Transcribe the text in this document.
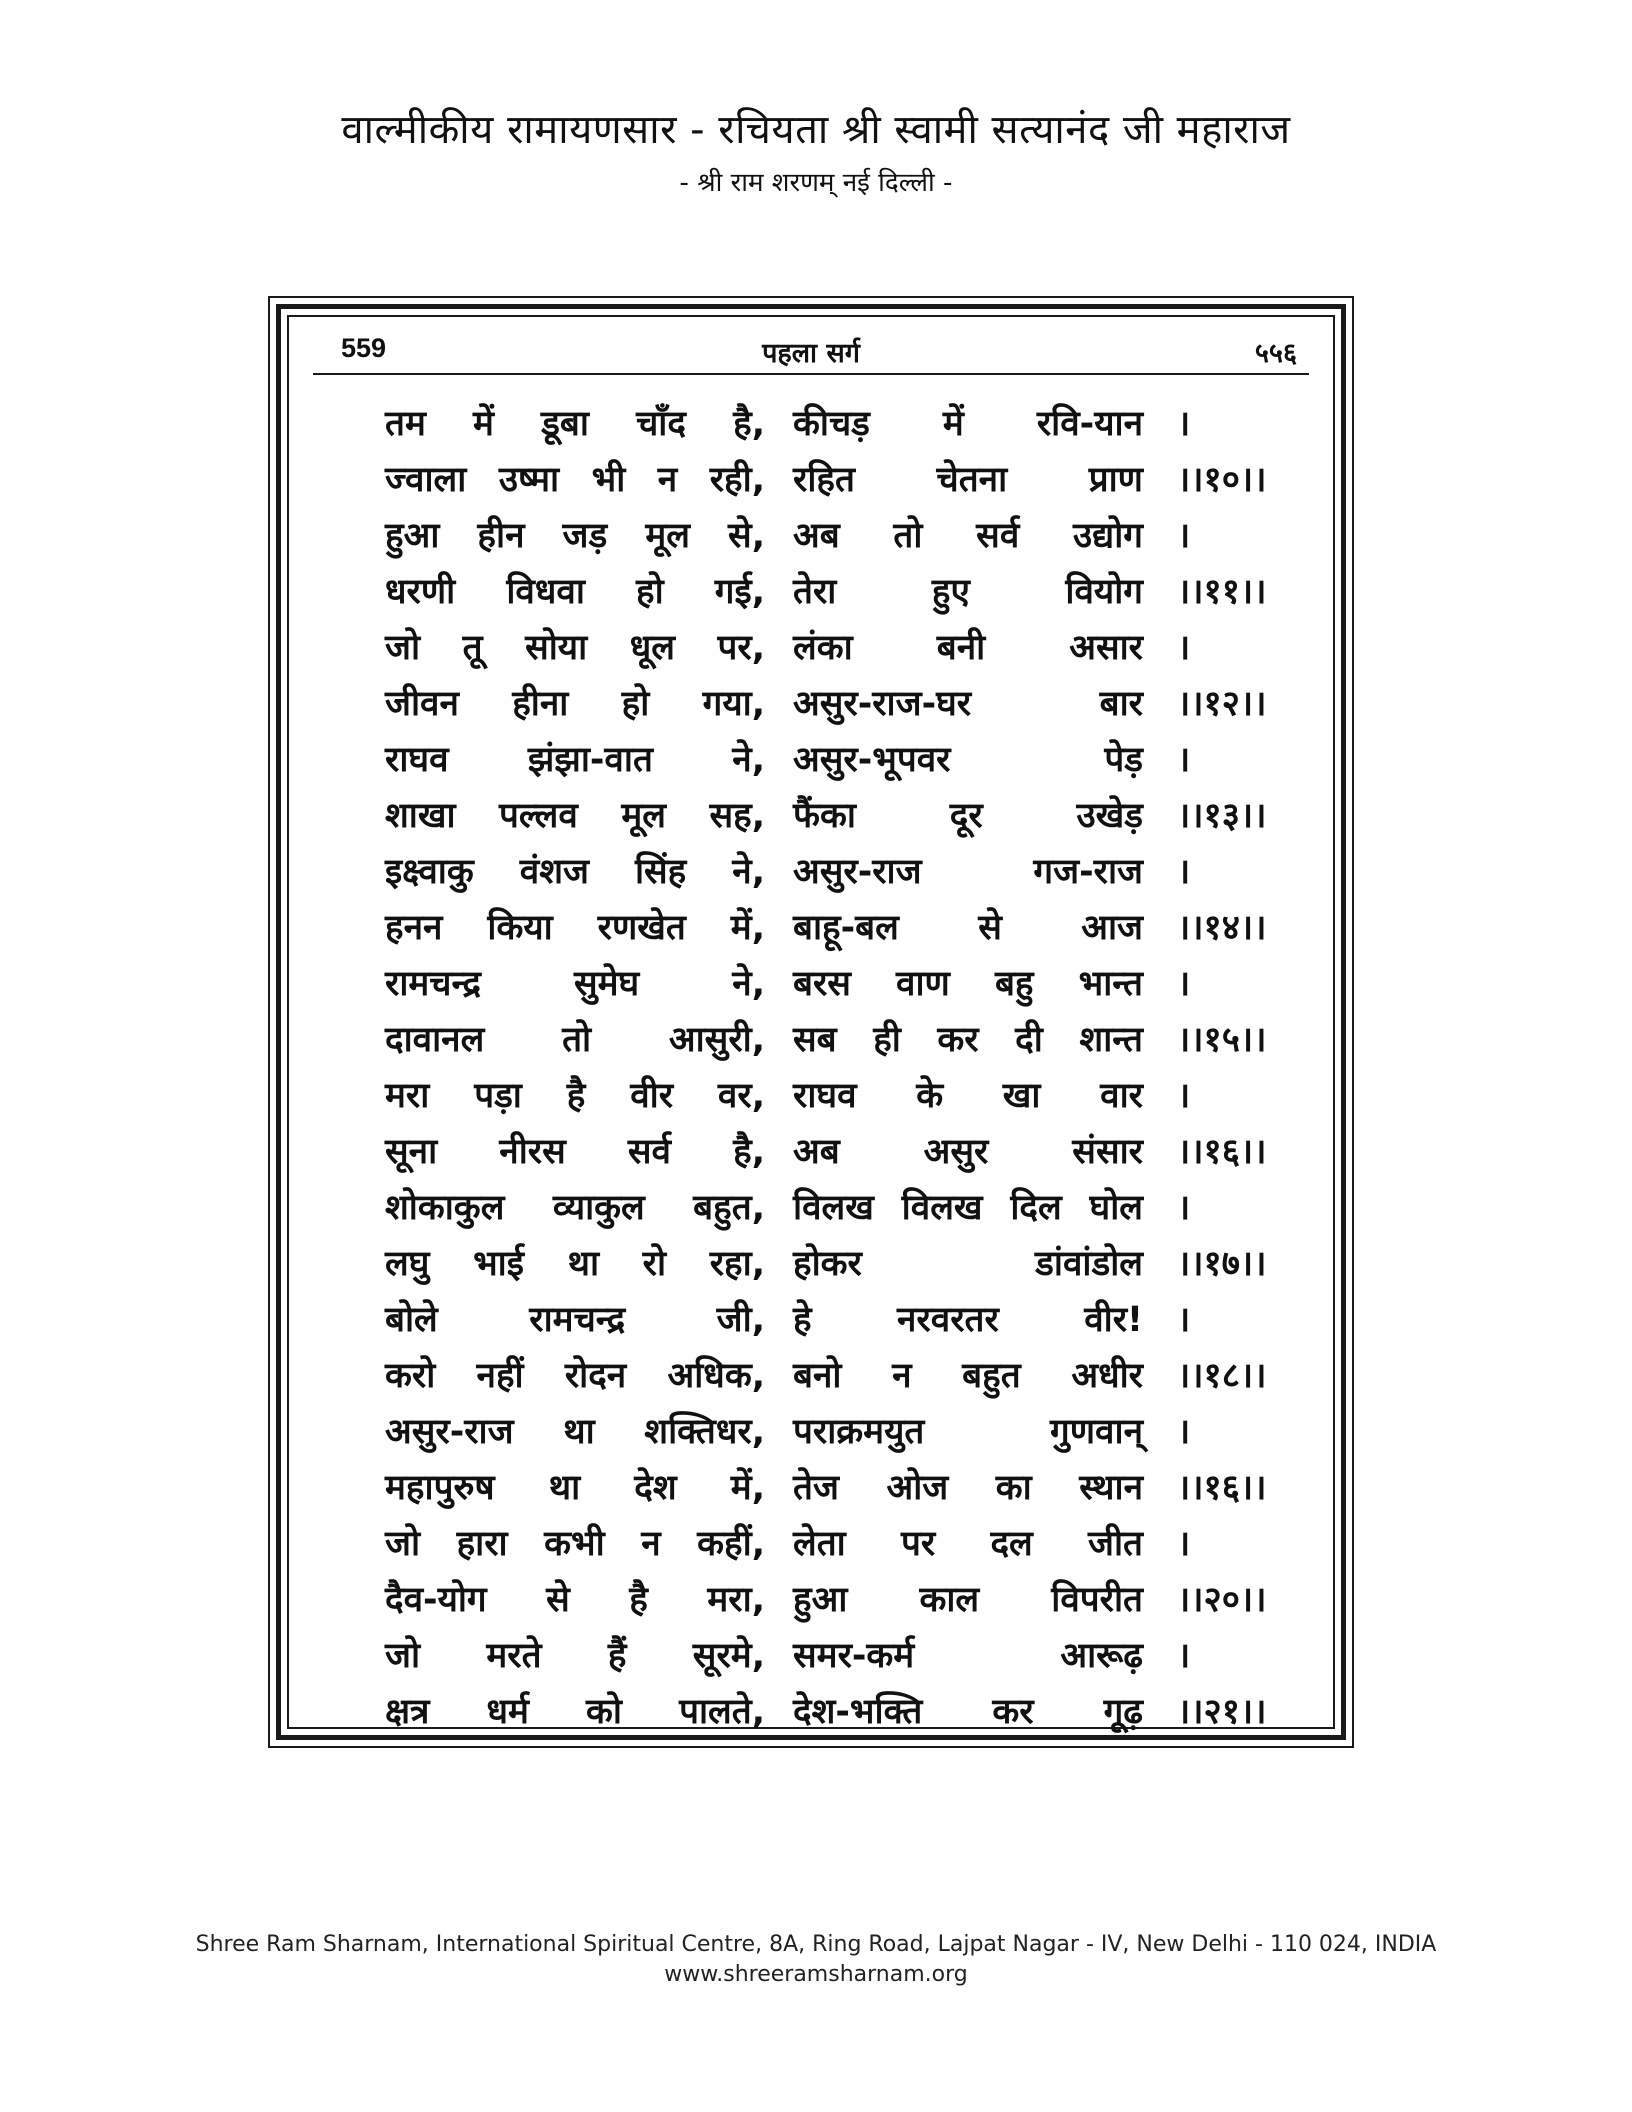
वाल्मीकीय रामायणसार - रचियता श्री स्वामी सत्यानंद जी महाराज
- श्री राम शरणम् नई दिल्ली -
559	पहला सर्ग	५५६
तम में डूबा चाँद है, कीचड़ में रवि-यान ।
ज्वाला उष्मा भी न रही, रहित चेतना प्राण ।।१०।।
हुआ हीन जड़ मूल से, अब तो सर्व उद्योग ।
धरणी विधवा हो गई, तेरा हुए वियोग ।।११।।
जो तू सोया धूल पर, लंका बनी असार ।
जीवन हीना हो गया, असुर-राज-घर बार ।।१२।।
राघव झंझा-वात ने, असुर-भूपवर पेड़ ।
शाखा पल्लव मूल सह, फैंका दूर उखेड़ ।।१३।।
इक्ष्वाकु वंशज सिंह ने, असुर-राज गज-राज ।
हनन किया रणखेत में, बाहू-बल से आज ।।१४।।
रामचन्द्र सुमेघ ने, बरस वाण बहु भान्त ।
दावानल तो आसुरी, सब ही कर दी शान्त ।।१५।।
मरा पड़ा है वीर वर, राघव के खा वार ।
सूना नीरस सर्व है, अब असुर संसार ।।१६।।
शोकाकुल व्याकुल बहुत, विलख विलख दिल घोल ।
लघु भाई था रो रहा, होकर डांवांडोल ।।१७।।
बोले रामचन्द्र जी, हे नरवरतर वीर! ।
करो नहीं रोदन अधिक, बनो न बहुत अधीर ।।१८।।
असुर-राज था शक्तिधर, पराक्रमयुत गुणवान् ।
महापुरुष था देश में, तेज ओज का स्थान ।।१६।।
जो हारा कभी न कहीं, लेता पर दल जीत ।
दैव-योग से है मरा, हुआ काल विपरीत ।।२०।।
जो मरते हैं सूरमे, समर-कर्म आरूढ़ ।
क्षत्र धर्म को पालते, देश-भक्ति कर गूढ़ ।।२१।।
Shree Ram Sharnam, International Spiritual Centre, 8A, Ring Road, Lajpat Nagar - IV, New Delhi - 110 024, INDIA
www.shreeramsharnam.org
